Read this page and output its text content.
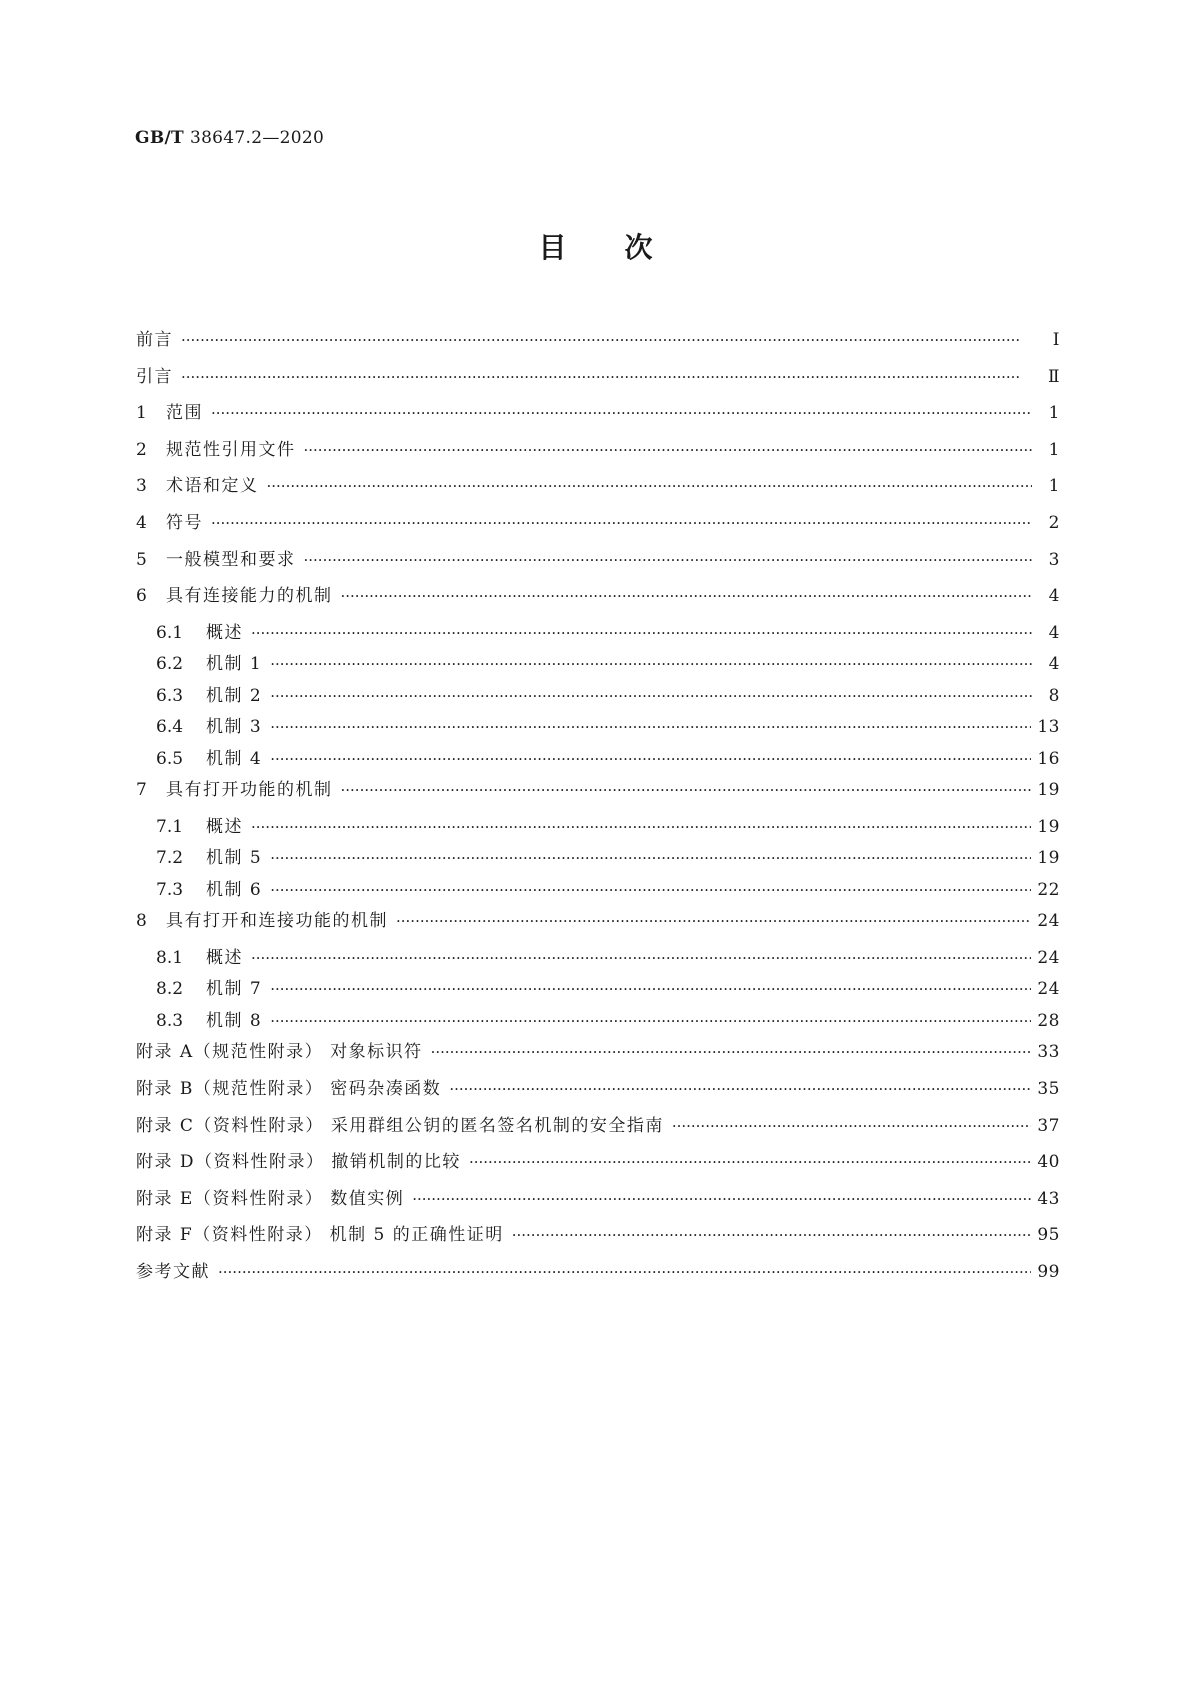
GB/T 38647.2—2020
目次
前言 ·····	Ⅰ
引言 ·····	Ⅱ
1	范围 ·····	1
2	规范性引用文件 ·····	1
3	术语和定义 ·····	1
4	符号 ·····	2
5	一般模型和要求 ·····	3
6	具有连接能力的机制 ·····	4
6.1	概述 ·····	4
6.2	机制 1 ·····	4
6.3	机制 2 ·····	8
6.4	机制 3 ·····	13
6.5	机制 4 ·····	16
7	具有打开功能的机制 ·····	19
7.1	概述 ·····	19
7.2	机制 5 ·····	19
7.3	机制 6 ·····	22
8	具有打开和连接功能的机制 ·····	24
8.1	概述 ·····	24
8.2	机制 7 ·····	24
8.3	机制 8 ·····	28
附录 A（规范性附录） 对象标识符 ·····	33
附录 B（规范性附录） 密码杂凑函数 ·····	35
附录 C（资料性附录） 采用群组公钥的匿名签名机制的安全指南 ·····	37
附录 D（资料性附录） 撤销机制的比较 ·····	40
附录 E（资料性附录） 数值实例 ·····	43
附录 F（资料性附录） 机制 5 的正确性证明 ·····	95
参考文献 ·····	99
